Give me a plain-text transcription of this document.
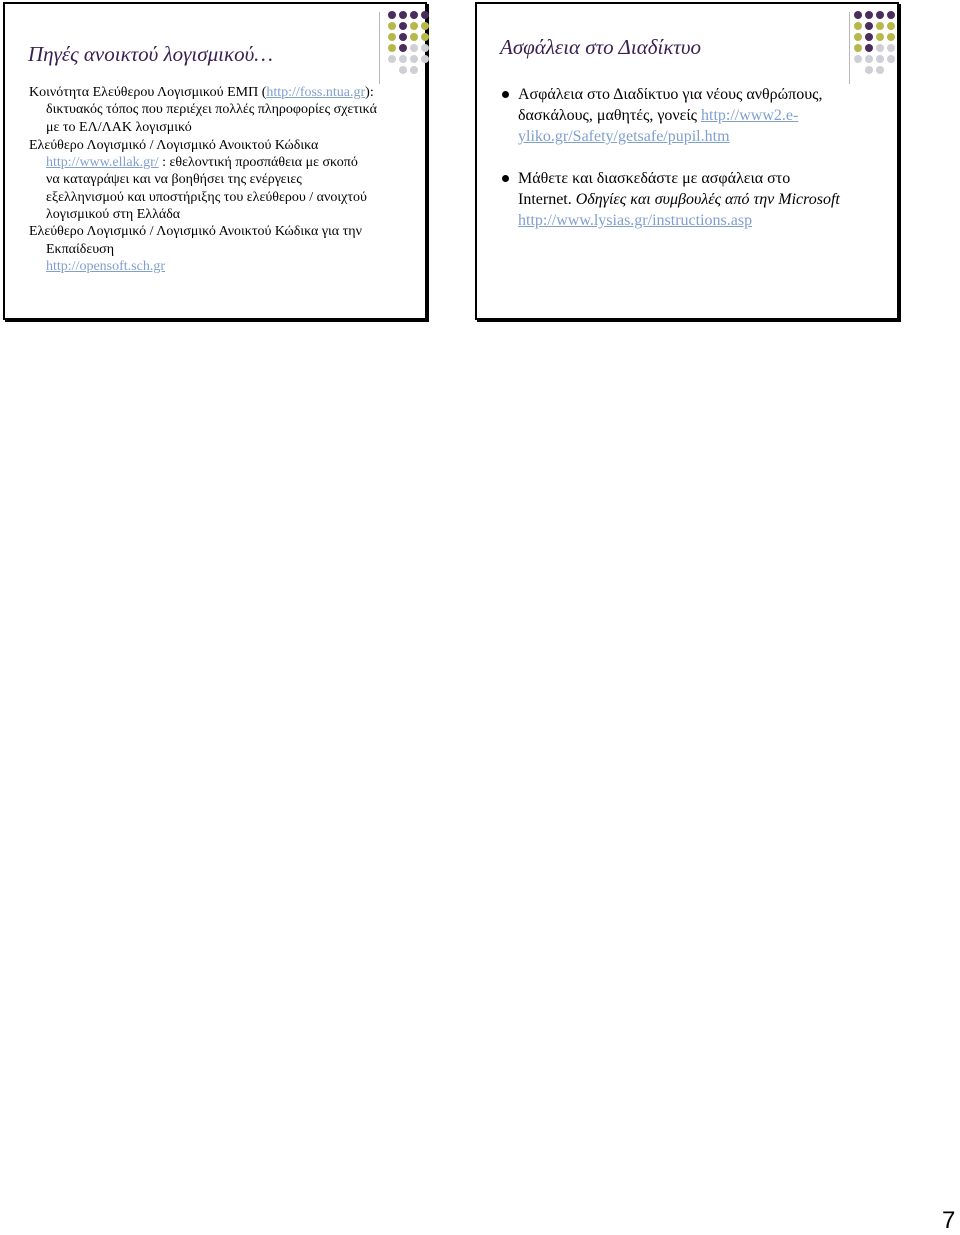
Πηγές ανοικτού λογισμικού…

Κοινότητα Ελεύθερου Λογισμικού ΕΜΠ (http://foss.ntua.gr):

δικτυακός τόπος που περιέχει πολλές πληροφορίες σχετικά

με το ΕΛ/ΛΑΚ λογισμικό

Ελεύθερο Λογισμικό / Λογισμικό Ανοικτού Κώδικα

http://www.ellak.gr/ : εθελοντική προσπάθεια με σκοπό

να καταγράψει και να βοηθήσει της ενέργειες

εξελληνισμού και υποστήριξης του ελεύθερου / ανοιχτού

λογισμικού στη Ελλάδα

Ελεύθερο Λογισμικό / Λογισμικό Ανοικτού Κώδικα για την

Εκπαίδευση

http://opensoft.sch.gr

Ασφάλεια στο Διαδίκτυο
Ασφάλεια στο Διαδίκτυο για νέους ανθρώπους,
δασκάλους, μαθητές, γονείς http://www2.e-
yliko.gr/Safety/getsafe/pupil.htm
Μάθετε και διασκεδάστε με ασφάλεια στο
Internet. Οδηγίες και συμβουλές από την Microsoft
http://www.lysias.gr/instructions.asp
7
